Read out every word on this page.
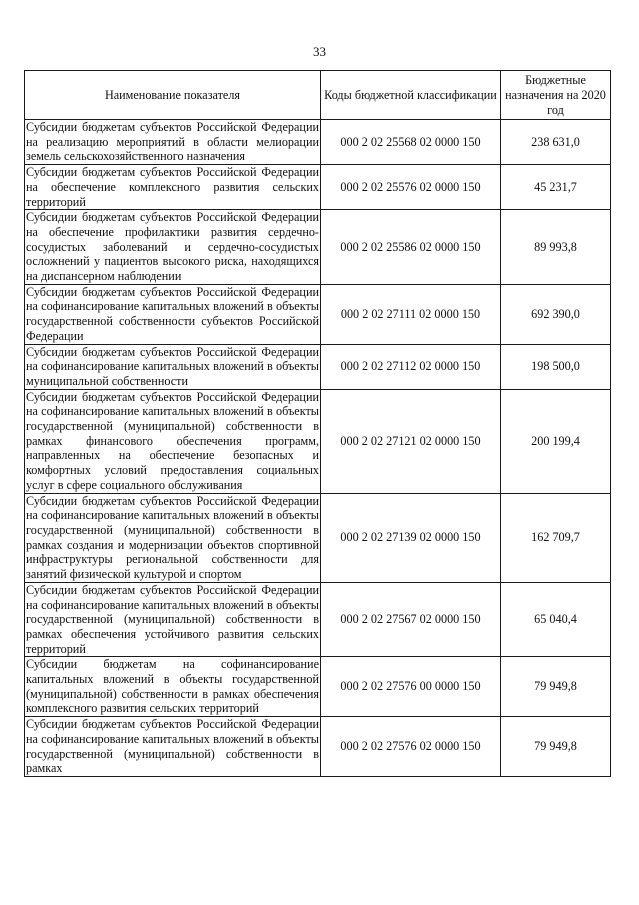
33
Наименование показателя	Коды бюджетной классификации	Бюджетные назначения на 2020 год
Субсидии бюджетам субъектов Российской Федерации на реализацию мероприятий в области мелиорации земель сельскохозяйственного назначения	000 2 02 25568 02 0000 150	238 631,0
Субсидии бюджетам субъектов Российской Федерации на обеспечение комплексного развития сельских территорий	000 2 02 25576 02 0000 150	45 231,7
Субсидии бюджетам субъектов Российской Федерации на обеспечение профилактики развития сердечно-сосудистых заболеваний и сердечно-сосудистых осложнений у пациентов высокого риска, находящихся на диспансерном наблюдении	000 2 02 25586 02 0000 150	89 993,8
Субсидии бюджетам субъектов Российской Федерации на софинансирование капитальных вложений в объекты государственной собственности субъектов Российской Федерации	000 2 02 27111 02 0000 150	692 390,0
Субсидии бюджетам субъектов Российской Федерации на софинансирование капитальных вложений в объекты муниципальной собственности	000 2 02 27112 02 0000 150	198 500,0
Субсидии бюджетам субъектов Российской Федерации на софинансирование капитальных вложений в объекты государственной (муниципальной) собственности в рамках финансового обеспечения программ, направленных на обеспечение безопасных и комфортных условий предоставления социальных услуг в сфере социального обслуживания	000 2 02 27121 02 0000 150	200 199,4
Субсидии бюджетам субъектов Российской Федерации на софинансирование капитальных вложений в объекты государственной (муниципальной) собственности в рамках создания и модернизации объектов спортивной инфраструктуры региональной собственности для занятий физической культурой и спортом	000 2 02 27139 02 0000 150	162 709,7
Субсидии бюджетам субъектов Российской Федерации на софинансирование капитальных вложений в объекты государственной (муниципальной) собственности в рамках обеспечения устойчивого развития сельских территорий	000 2 02 27567 02 0000 150	65 040,4
Субсидии бюджетам на софинансирование капитальных вложений в объекты государственной (муниципальной) собственности в рамках обеспечения комплексного развития сельских территорий	000 2 02 27576 00 0000 150	79 949,8
Субсидии бюджетам субъектов Российской Федерации на софинансирование капитальных вложений в объекты государственной (муниципальной) собственности в рамках	000 2 02 27576 02 0000 150	79 949,8
